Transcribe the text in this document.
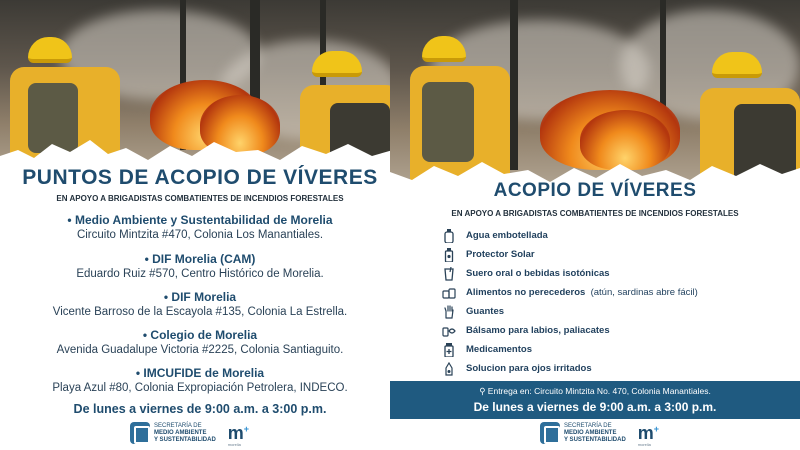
PUNTOS DE ACOPIO DE VÍVERES
EN APOYO A BRIGADISTAS COMBATIENTES DE INCENDIOS FORESTALES
• Medio Ambiente y Sustentabilidad de Morelia
Circuito Mintzita #470, Colonia Los Manantiales.
• DIF Morelia (CAM)
Eduardo Ruiz #570, Centro Histórico de Morelia.
• DIF Morelia
Vicente Barroso de la Escayola #135, Colonia La Estrella.
• Colegio de Morelia
Avenida Guadalupe Victoria #2225, Colonia Santiaguito.
• IMCUFIDE de Morelia
Playa Azul #80, Colonia Expropiación Petrolera, INDECO.
De lunes a viernes de 9:00 a.m. a 3:00 p.m.
SECRETARÍA DE
MEDIO AMBIENTE
Y SUSTENTABILIDAD m+
morelia
ACOPIO DE VÍVERES
EN APOYO A BRIGADISTAS COMBATIENTES DE INCENDIOS FORESTALES
Agua embotellada
Protector Solar
Suero oral o bebidas isotónicas
Alimentos no perecederos (atún, sardinas abre fácil)
Guantes
Bálsamo para labios, paliacates
Medicamentos
Solucion para ojos irritados
⚲ Entrega en: Circuito Mintzita No. 470, Colonia Manantiales.
De lunes a viernes de 9:00 a.m. a 3:00 p.m.
SECRETARÍA DE
MEDIO AMBIENTE
Y SUSTENTABILIDAD m+
morelia
